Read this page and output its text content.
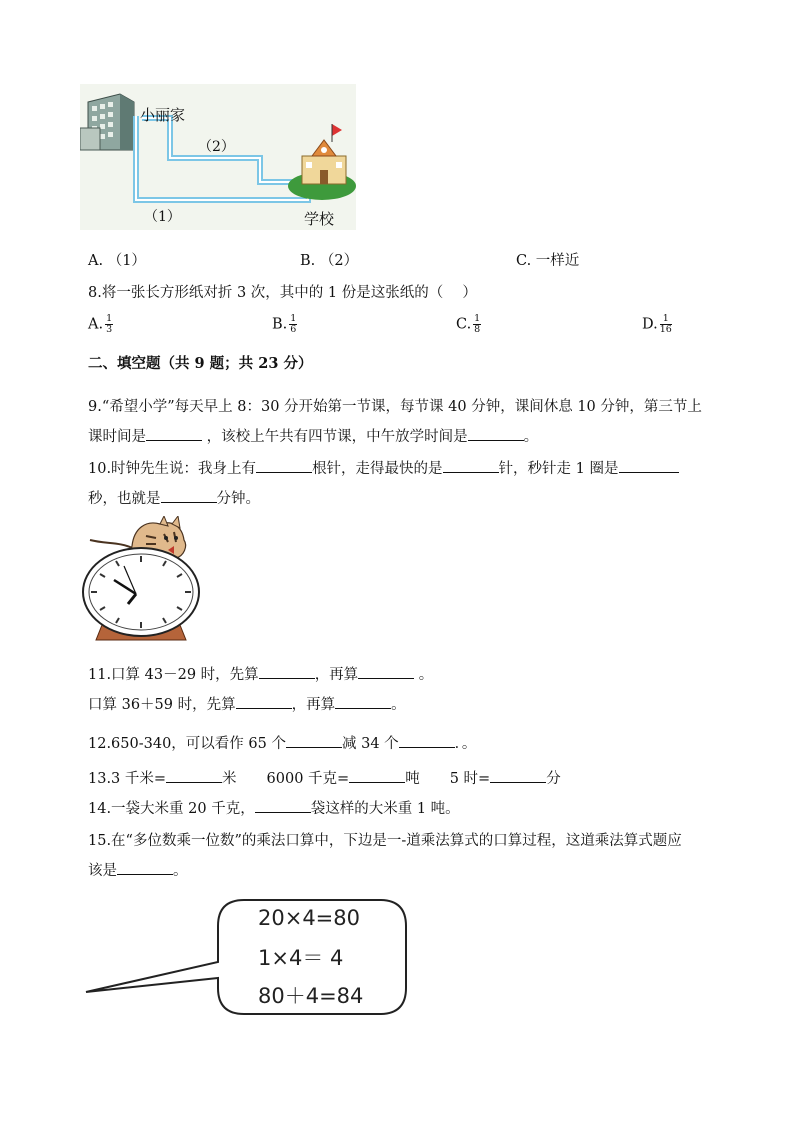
小丽家
（2）
（1）	学校
A. （1）	B. （2）	C. 一样近
8.将一张长方形纸对折 3 次，其中的 1 份是这张纸的（　 ）
A. $\frac{1}{3}$	B. $\frac{1}{6}$	C. $\frac{1}{8}$	D. $\frac{1}{16}$
二、填空题（共 9 题；共 23 分）
9.“希望小学”每天早上 8：30 分开始第一节课，每节课 40 分钟，课间休息 10 分钟，第三节上
课时间是	，该校上午共有四节课，中午放学时间是	。
10.时钟先生说：我身上有	根针，走得最快的是	针，秒针走 1 圈是
秒，也就是	分钟。
11.口算 43－29 时，先算	，再算	。
口算 36＋59 时，先算	，再算	。
12.650-340，可以看作 65 个	减 34 个	．。
13.3 千米=	米 6000 千克=	吨 5 时=	分
14.一袋大米重 20 千克，	袋这样的大米重 1 吨。
15.在“多位数乘一位数”的乘法口算中，下边是一-道乘法算式的口算过程，这道乘法算式题应
该是	。
20×4=80
1×4＝ 4
80＋4=84
